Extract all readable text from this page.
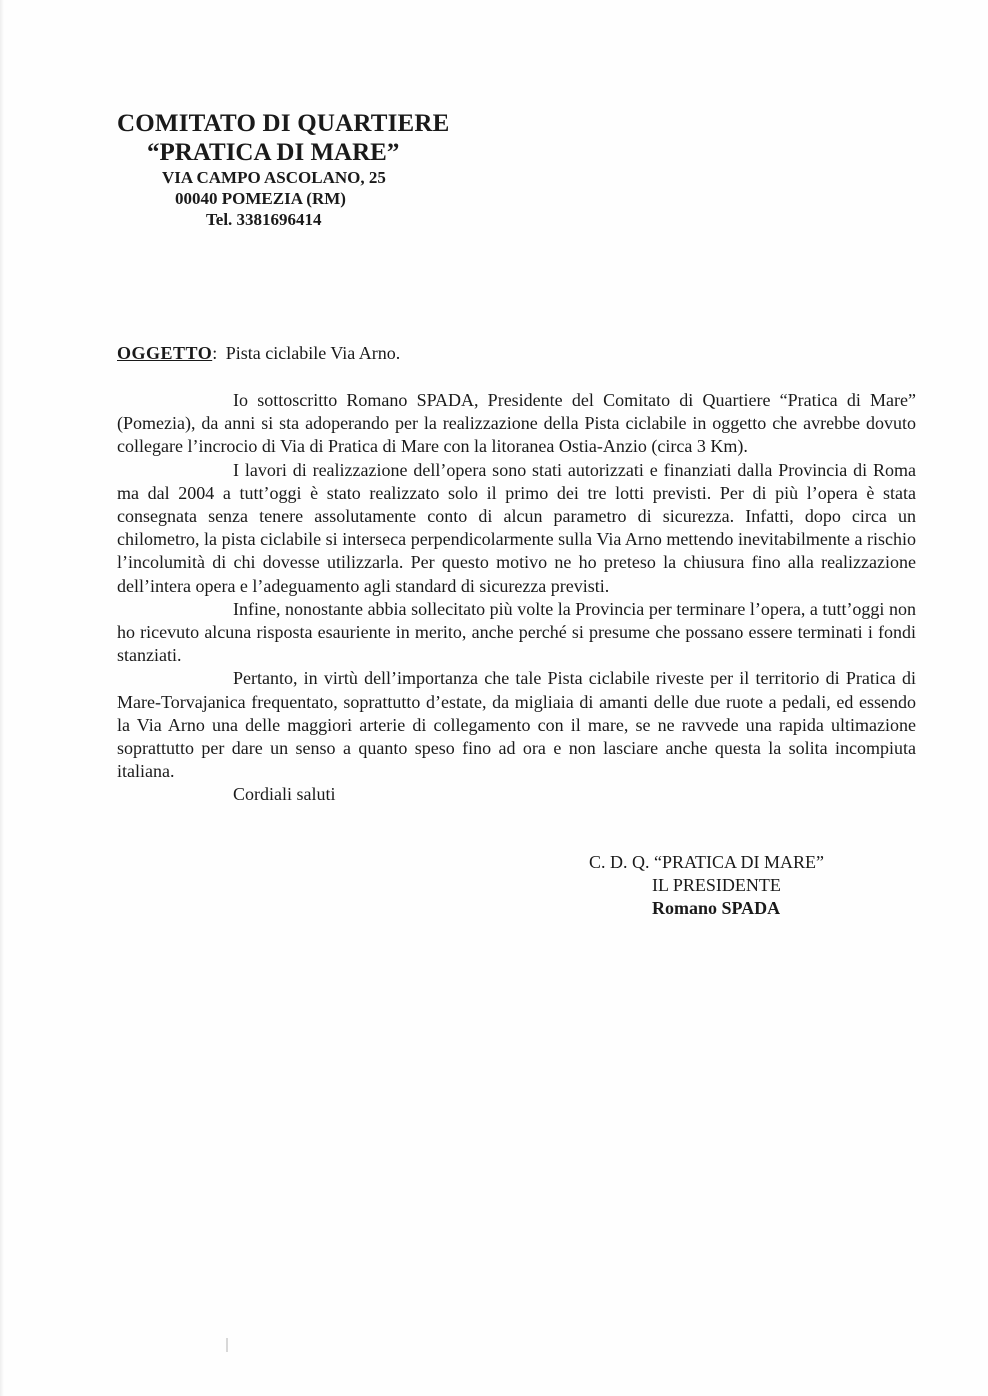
COMITATO DI QUARTIERE
“PRATICA DI MARE”
VIA CAMPO ASCOLANO, 25
00040 POMEZIA (RM)
Tel. 3381696414
OGGETTO: Pista ciclabile Via Arno.

Io sottoscritto Romano SPADA, Presidente del Comitato di Quartiere “Pratica di Mare” (Pomezia), da anni si sta adoperando per la realizzazione della Pista ciclabile in oggetto che avrebbe dovuto collegare l’incrocio di Via di Pratica di Mare con la litoranea Ostia-Anzio (circa 3 Km).

I lavori di realizzazione dell’opera sono stati autorizzati e finanziati dalla Provincia di Roma ma dal 2004 a tutt’oggi è stato realizzato solo il primo dei tre lotti previsti. Per di più l’opera è stata consegnata senza tenere assolutamente conto di alcun parametro di sicurezza. Infatti, dopo circa un chilometro, la pista ciclabile si interseca perpendicolarmente sulla Via Arno mettendo inevitabilmente a rischio l’incolumità di chi dovesse utilizzarla. Per questo motivo ne ho preteso la chiusura fino alla realizzazione dell’intera opera e l’adeguamento agli standard di sicurezza previsti.

Infine, nonostante abbia sollecitato più volte la Provincia per terminare l’opera, a tutt’oggi non ho ricevuto alcuna risposta esauriente in merito, anche perché si presume che possano essere terminati i fondi stanziati.

Pertanto, in virtù dell’importanza che tale Pista ciclabile riveste per il territorio di Pratica di Mare-Torvajanica frequentato, soprattutto d’estate, da migliaia di amanti delle due ruote a pedali, ed essendo la Via Arno una delle maggiori arterie di collegamento con il mare, se ne ravvede una rapida ultimazione soprattutto per dare un senso a quanto speso fino ad ora e non lasciare anche questa la solita incompiuta italiana.

Cordiali saluti

C. D. Q. “PRATICA DI MARE”
IL PRESIDENTE
Romano SPADA
